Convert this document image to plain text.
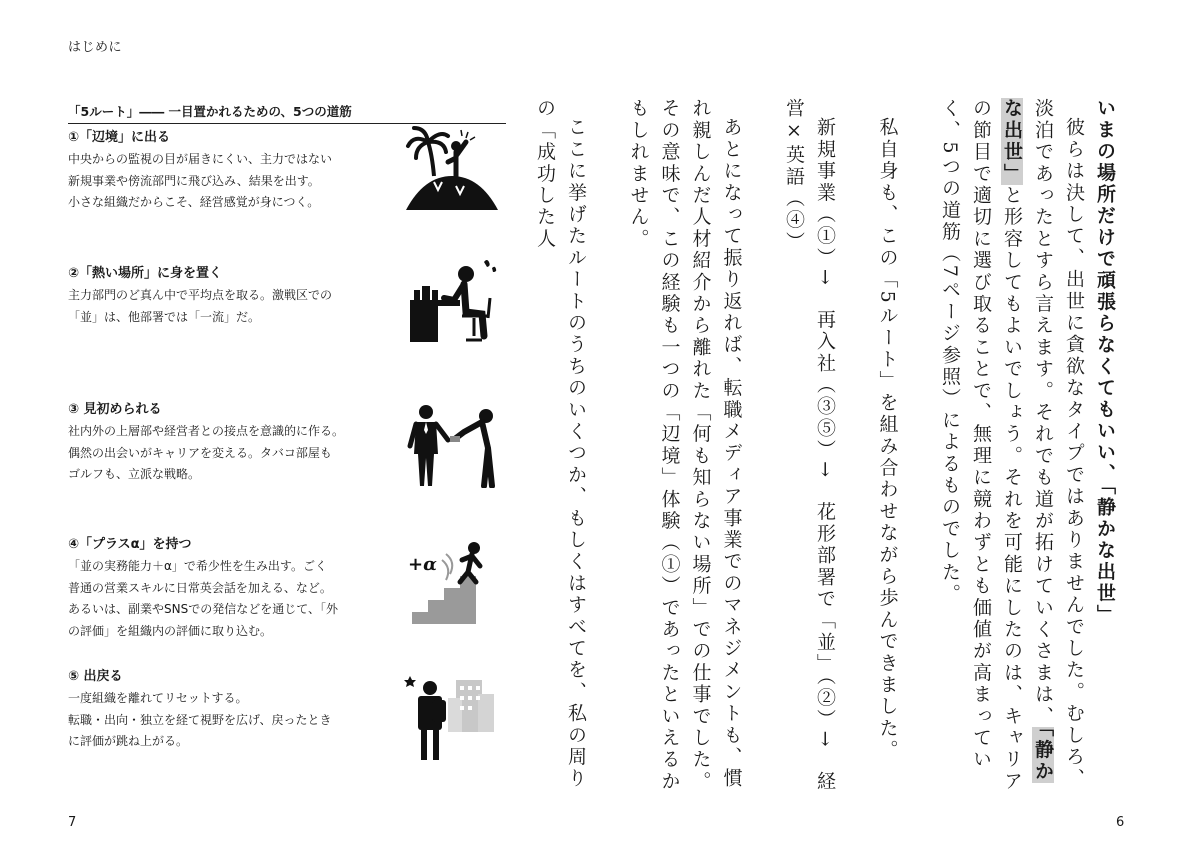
はじめに
「5ルート」―― 一目置かれるための、5つの道筋
①「辺境」に出る
中央からの監視の目が届きにくい、主力ではない
新規事業や傍流部門に飛び込み、結果を出す。
小さな組織だからこそ、経営感覚が身につく。
②「熱い場所」に身を置く
主力部門のど真ん中で平均点を取る。激戦区での
「並」は、他部署では「一流」だ。
③ 見初められる
社内外の上層部や経営者との接点を意識的に作る。
偶然の出会いがキャリアを変える。タバコ部屋も
ゴルフも、立派な戦略。
④「プラスα」を持つ
「並の実務能力＋α」で希少性を生み出す。ごく
普通の営業スキルに日常英会話を加える、など。
あるいは、副業やSNSでの発信などを通じて、「外
の評価」を組織内の評価に取り込む。
+α
⑤ 出戻る
一度組織を離れてリセットする。
転職・出向・独立を経て視野を広げ、戻ったとき
に評価が跳ね上がる。
7

いまの場所だけで頑張らなくてもいい、「静かな出世」

彼らは決して、出世に貪欲なタイプではありませんでした。むしろ、淡泊であったとすら言えます。それでも道が拓けていくさまは、「静かな出世」と形容してもよいでしょう。それを可能にしたのは、キャリアの節目で適切に選び取ることで、無理に競わずとも価値が高まっていく、5つの道筋（7ページ参照）によるものでした。

私自身も、この「5ルート」を組み合わせながら歩んできました。

新規事業（①）→　再入社（③⑤）→　花形部署で「並」（②）→　経営×英語（④）

あとになって振り返れば、転職メディア事業でのマネジメントも、慣れ親しんだ人材紹介から離れた「何も知らない場所」での仕事でした。その意味で、この経験も一つの「辺境」体験（①）であったといえるかもしれません。

ここに挙げたルートのうちのいくつか、もしくはすべてを、私の周りの「成功した人

6
